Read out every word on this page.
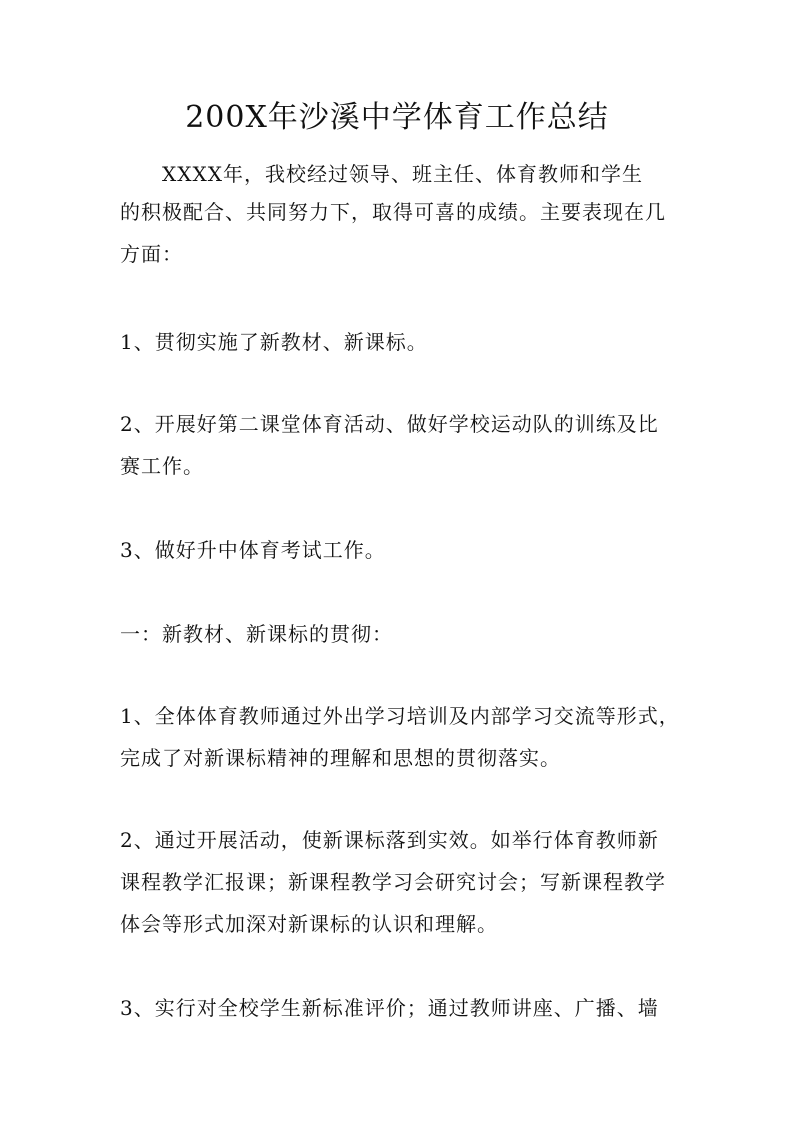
200X年沙溪中学体育工作总结
XXXX年，我校经过领导、班主任、体育教师和学生
的积极配合、共同努力下，取得可喜的成绩。主要表现在几
方面：
1、贯彻实施了新教材、新课标。
2、开展好第二课堂体育活动、做好学校运动队的训练及比
赛工作。
3、做好升中体育考试工作。
一：新教材、新课标的贯彻：
1、全体体育教师通过外出学习培训及内部学习交流等形式，
完成了对新课标精神的理解和思想的贯彻落实。
2、通过开展活动，使新课标落到实效。如举行体育教师新
课程教学汇报课；新课程教学习会研究讨会；写新课程教学
体会等形式加深对新课标的认识和理解。
3、实行对全校学生新标准评价；通过教师讲座、广播、墙
